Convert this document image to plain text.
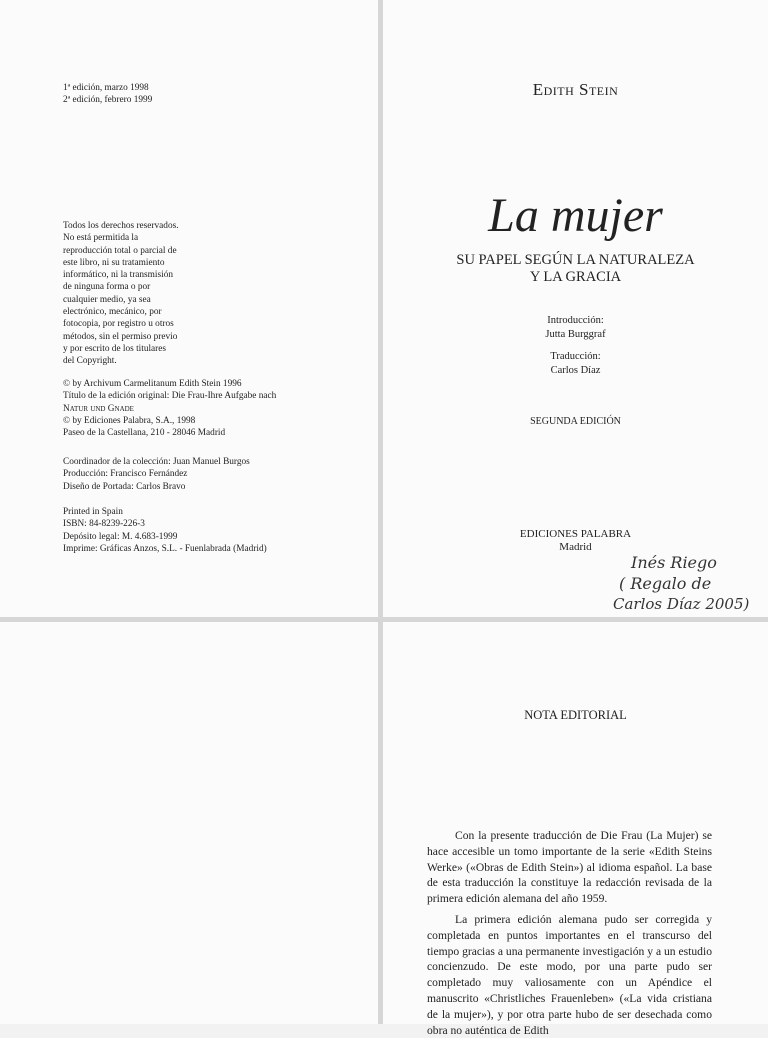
1ª edición, marzo 1998
2ª edición, febrero 1999
Todos los derechos reservados.
No está permitida la
reproducción total o parcial de
este libro, ni su tratamiento
informático, ni la transmisión
de ninguna forma o por
cualquier medio, ya sea
electrónico, mecánico, por
fotocopia, por registro u otros
métodos, sin el permiso previo
y por escrito de los titulares
del Copyright.
© by Archivum Carmelitanum Edith Stein 1996
Título de la edición original: Die Frau-Ihre Aufgabe nach
Natur und Gnade
© by Ediciones Palabra, S.A., 1998
Paseo de la Castellana, 210 - 28046 Madrid
Coordinador de la colección: Juan Manuel Burgos
Producción: Francisco Fernández
Diseño de Portada: Carlos Bravo
Printed in Spain
ISBN: 84-8239-226-3
Depósito legal: M. 4.683-1999
Imprime: Gráficas Anzos, S.L. - Fuenlabrada (Madrid)
Edith Stein
La mujer
SU PAPEL SEGÚN LA NATURALEZA
Y LA GRACIA
Introducción:
Jutta Burggraf
Traducción:
Carlos Díaz
SEGUNDA EDICIÓN
EDICIONES PALABRA
Madrid
Inés Riego
( Regalo de
Carlos Díaz 2005)
NOTA EDITORIAL
Con la presente traducción de Die Frau (La Mujer) se hace accesible un tomo importante de la serie «Edith Steins Werke» («Obras de Edith Stein») al idioma español. La base de esta traducción la constituye la redacción revisada de la primera edición alemana del año 1959.
La primera edición alemana pudo ser corregida y completada en puntos importantes en el transcurso del tiempo gracias a una permanente investigación y a un estudio concienzudo. De este modo, por una parte pudo ser completado muy valiosamente con un Apéndice el manuscrito «Christliches Frauenleben» («La vida cristiana de la mujer»), y por otra parte hubo de ser desechada como obra no auténtica de Edith
